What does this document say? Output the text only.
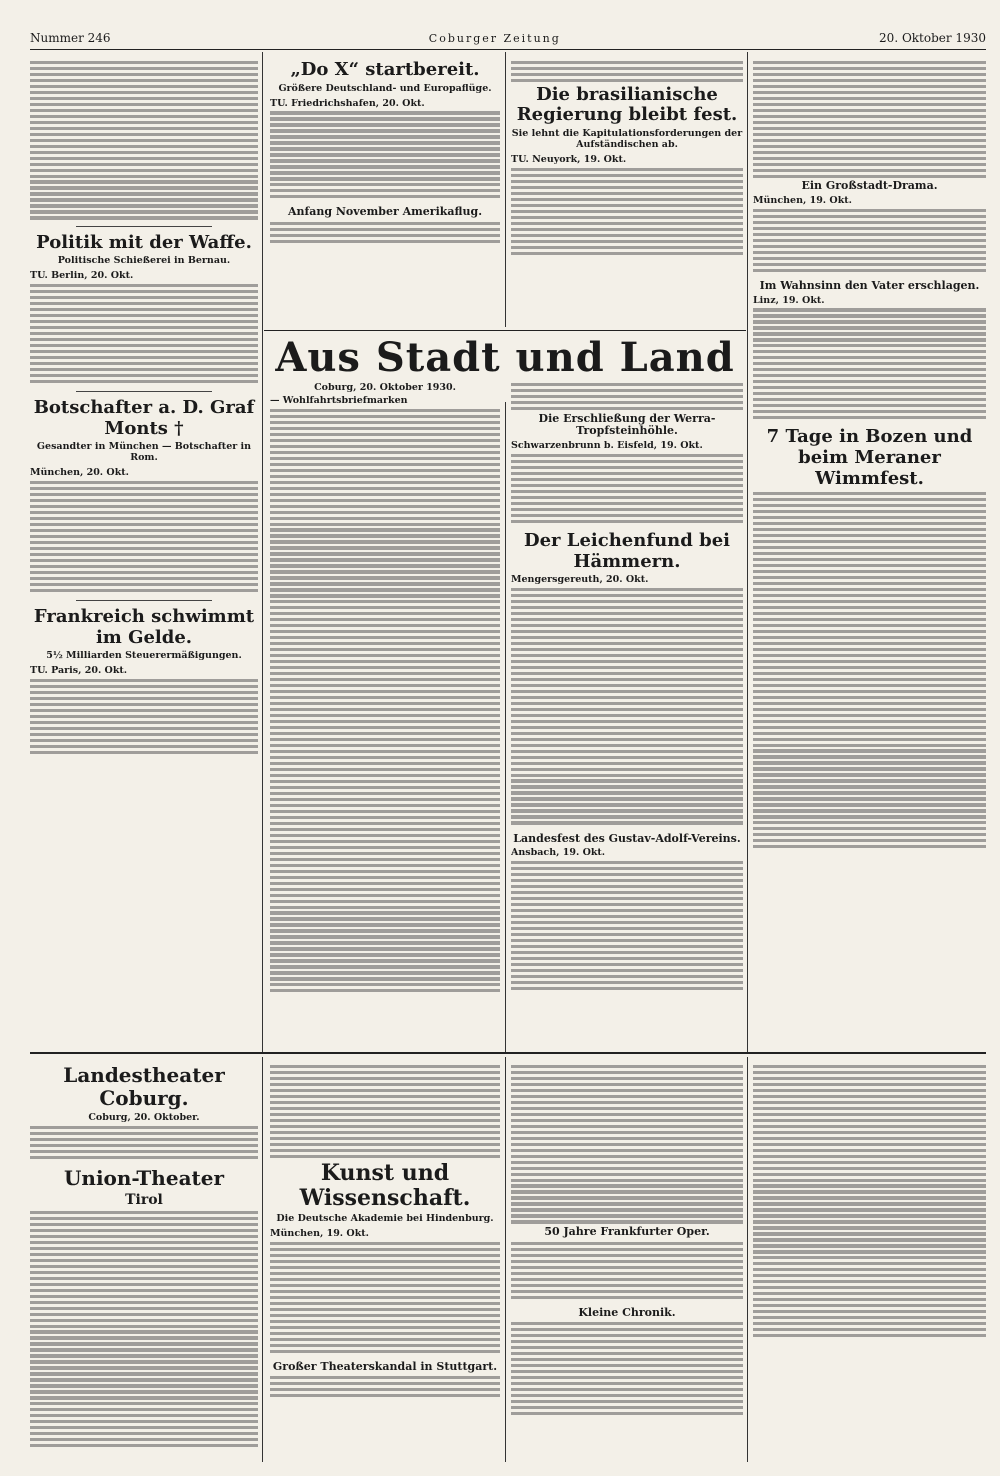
Nummer 246	Coburger Zeitung	20. Oktober 1930
Politik mit der Waffe.
Politische Schießerei in Bernau.
TU. Berlin, 20. Okt.

Botschafter a. D. Graf Monts †
Gesandter in München — Botschafter in Rom.
München, 20. Okt.

Frankreich schwimmt im Gelde.
5½ Milliarden Steuerermäßigungen.
TU. Paris, 20. Okt.

„Do X“ startbereit.
Größere Deutschland- und Europaflüge.
TU. Friedrichshafen, 20. Okt.

Anfang November Amerikaflug.
Die brasilianische Regierung bleibt fest.
Sie lehnt die Kapitulationsforderungen der Aufständischen ab.
TU. Neuyork, 19. Okt.

Aus Stadt und Land
Coburg, 20. Oktober 1930.
— Wohlfahrtsbriefmarken

Die Erschließung der Werra-Tropfsteinhöhle.
Schwarzenbrunn b. Eisfeld, 19. Okt.

Der Leichenfund bei Hämmern.
Mengersgereuth, 20. Okt.

Landesfest des Gustav-Adolf-Vereins.
Ansbach, 19. Okt.

Ein Großstadt-Drama.
München, 19. Okt.

Im Wahnsinn den Vater erschlagen.
Linz, 19. Okt.

7 Tage in Bozen und beim Meraner Wimmfest.

Landestheater Coburg.
Coburg, 20. Oktober.

Union-Theater
Tirol

Kunst und Wissenschaft.
Die Deutsche Akademie bei Hindenburg.
München, 19. Okt.

Großer Theaterskandal in Stuttgart.

50 Jahre Frankfurter Oper.

Kleine Chronik.
